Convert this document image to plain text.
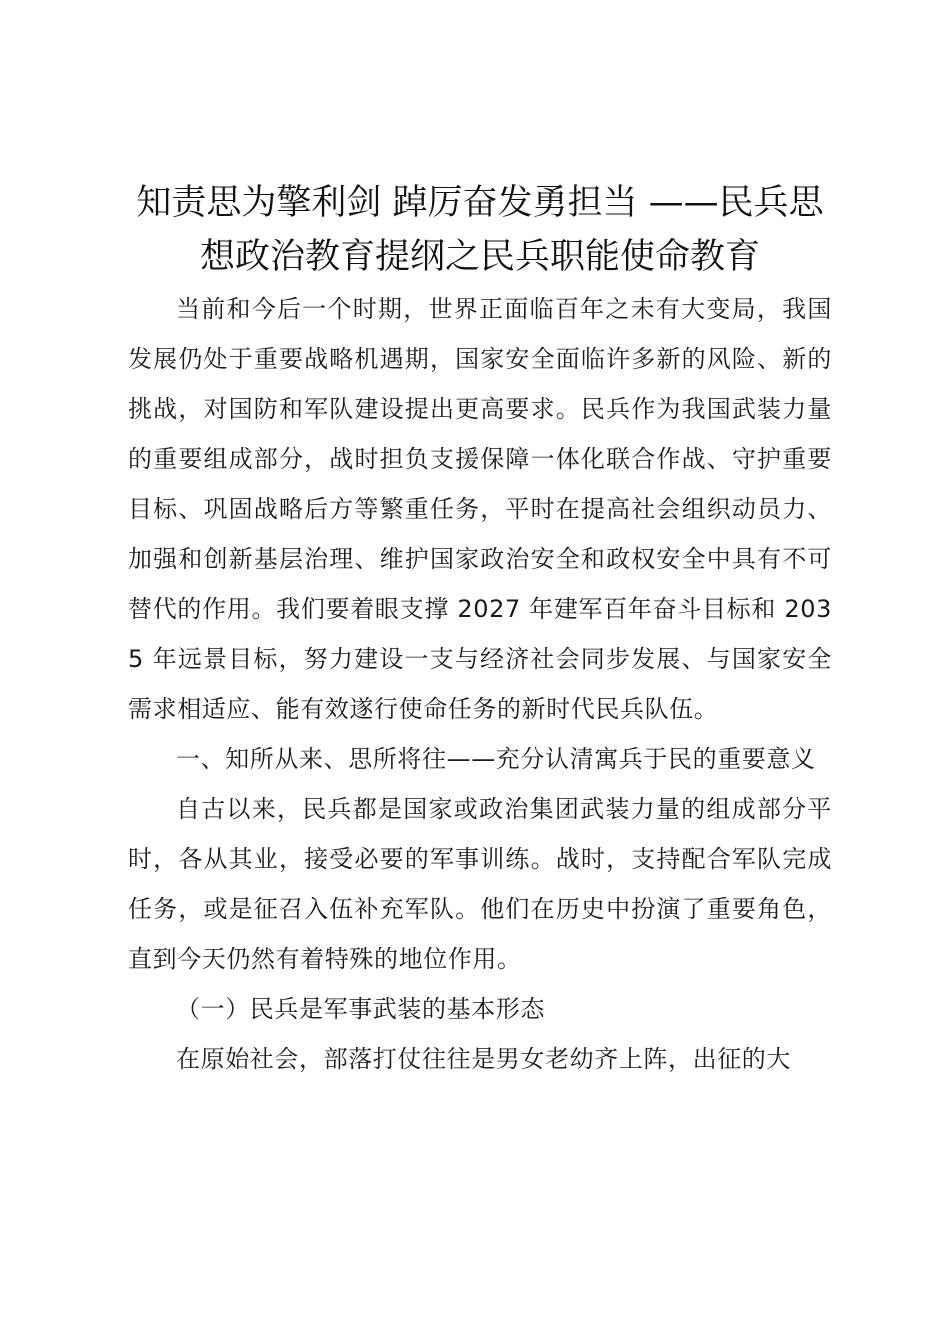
知责思为擎利剑 踔厉奋发勇担当 ——民兵思
想政治教育提纲之民兵职能使命教育

当前和今后一个时期，世界正面临百年之未有大变局，我国发展仍处于重要战略机遇期，国家安全面临许多新的风险、新的挑战，对国防和军队建设提出更高要求。民兵作为我国武装力量的重要组成部分，战时担负支援保障一体化联合作战、守护重要目标、巩固战略后方等繁重任务，平时在提高社会组织动员力、加强和创新基层治理、维护国家政治安全和政权安全中具有不可替代的作用。我们要着眼支撑 2027 年建军百年奋斗目标和 2035 年远景目标，努力建设一支与经济社会同步发展、与国家安全需求相适应、能有效遂行使命任务的新时代民兵队伍。

一、知所从来、思所将往——充分认清寓兵于民的重要意义

自古以来，民兵都是国家或政治集团武装力量的组成部分平时，各从其业，接受必要的军事训练。战时，支持配合军队完成任务，或是征召入伍补充军队。他们在历史中扮演了重要角色，直到今天仍然有着特殊的地位作用。

（一）民兵是军事武装的基本形态

在原始社会，部落打仗往往是男女老幼齐上阵，出征的大
